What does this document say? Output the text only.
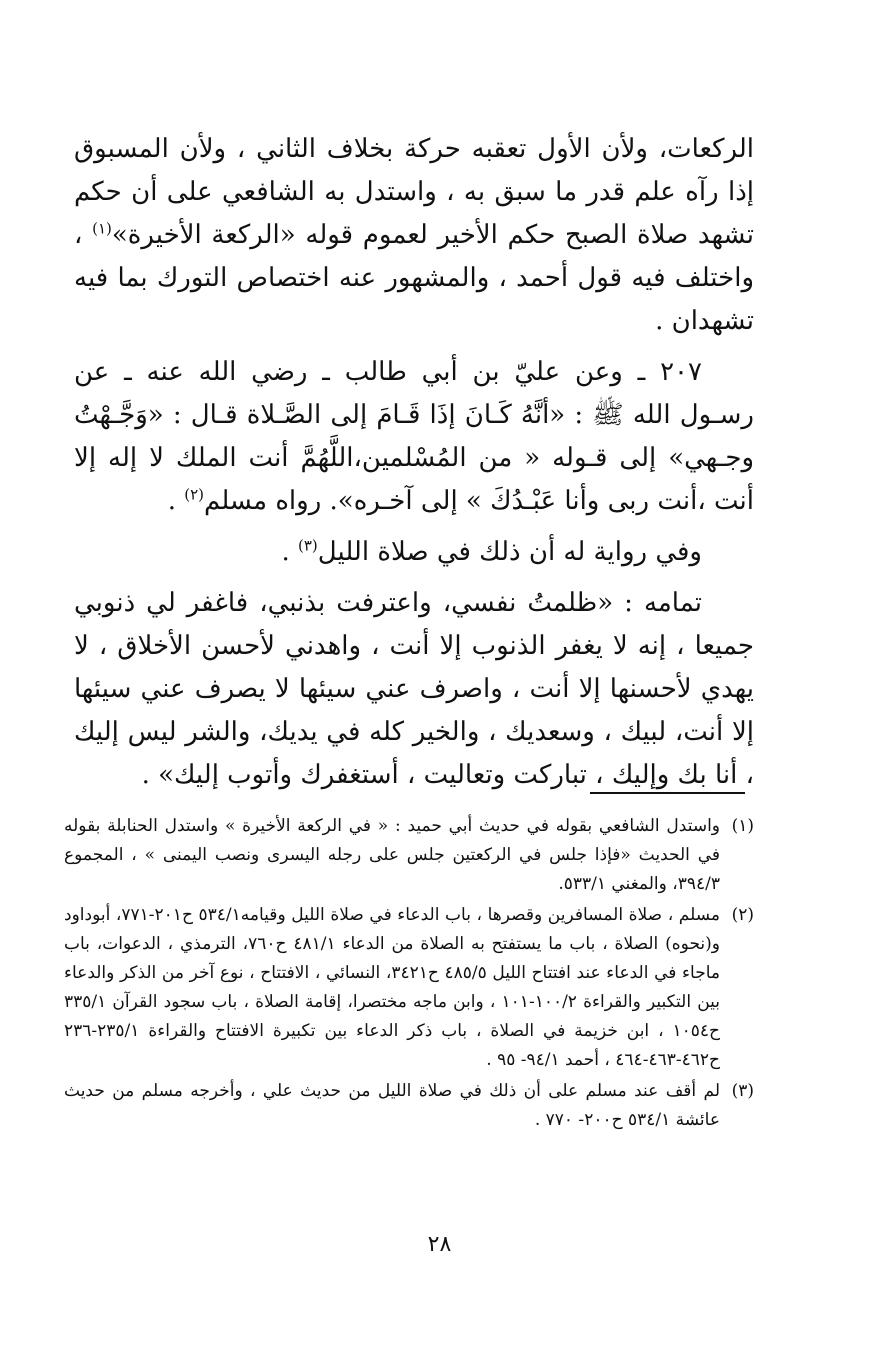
الركعات، ولأن الأول تعقبه حركة بخلاف الثاني ، ولأن المسبوق إذا رآه علم قدر ما سبق به ، واستدل به الشافعي على أن حكم تشهد صلاة الصبح حكم الأخير لعموم قوله «الركعة الأخيرة»$^{(١)}$ ، واختلف فيه قول أحمد ، والمشهور عنه اختصاص التورك بما فيه تشهدان .

٢٠٧ ـ وعن عليّ بن أبي طالب ـ رضي الله عنه ـ عن رسـول الله ﷺ : «أنَّهُ كَـانَ إذَا قَـامَ إلى الصَّـلاة قـال : «وَجَّـهْتُ وجـهي» إلى قـوله « من المُسْلمين،اللَّهُمَّ أنت الملك لا إله إلا أنت ،أنت ربى وأنا عَبْـدُكَ » إلى آخـره». رواه مسلم$^{(٢)}$ .

وفي رواية له أن ذلك في صلاة الليل$^{(٣)}$ .

تمامه : «ظلمتُ نفسي، واعترفت بذنبي، فاغفر لي ذنوبي جميعا ، إنه لا يغفر الذنوب إلا أنت ، واهدني لأحسن الأخلاق ، لا يهدي لأحسنها إلا أنت ، واصرف عني سيئها لا يصرف عني سيئها إلا أنت، لبيك ، وسعديك ، والخير كله في يديك، والشر ليس إليك ، أنا بك وإليك ، تباركت وتعاليت ، أستغفرك وأتوب إليك» .

(١)
واستدل الشافعي بقوله في حديث أبي حميد : « في الركعة الأخيرة » واستدل الحنابلة بقوله في الحديث «فإذا جلس في الركعتين جلس على رجله اليسرى ونصب اليمنى » ، المجموع ٣٩٤/٣، والمغني ٥٣٣/١.
(٢)
مسلم ، صلاة المسافرين وقصرها ، باب الدعاء في صلاة الليل وقيامه٥٣٤/١ ح٢٠١-٧٧١، أبوداود و(نحوه) الصلاة ، باب ما يستفتح به الصلاة من الدعاء ٤٨١/١ ح٧٦٠، الترمذي ، الدعوات، باب ماجاء في الدعاء عند افتتاح الليل ٤٨٥/٥ ح٣٤٢١، النسائي ، الافتتاح ، نوع آخر من الذكر والدعاء بين التكبير والقراءة ١٠٠/٢-١٠١ ، وابن ماجه مختصرا، إقامة الصلاة ، باب سجود القرآن ٣٣٥/١ ح١٠٥٤ ، ابن خزيمة في الصلاة ، باب ذكر الدعاء بين تكبيرة الافتتاح والقراءة ٢٣٥/١-٢٣٦ ح٤٦٢-٤٦٣-٤٦٤ ، أحمد ٩٤/١- ٩٥ .
(٣)
لم أقف عند مسلم على أن ذلك في صلاة الليل من حديث علي ، وأخرجه مسلم من حديث عائشة ٥٣٤/١ ح٢٠٠- ٧٧٠ .
٢٨
